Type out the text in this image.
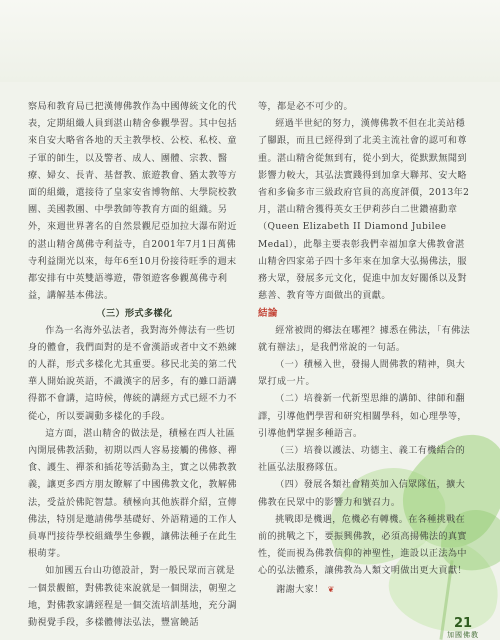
察局和教育局已把漢傳佛教作為中國傳統文化的代表，定期組織人員到湛山精舍參觀學習。其中包括來自安大略省各地的天主教學校、公校、私校、童子軍的師生，以及警者、成人、團體、宗教、醫療、婦女、長青、基督教、旅遊教會、猶太教等方面的組織，還接待了皇家安省博物館、大學院校教團、美國教團、中學教師等教育方面的組織。另外，來週世界著名的自然景觀尼亞加拉大瀑布附近的湛山精舍萬佛寺利益寺，自2001年7月1日萬佛寺利益開光以來，每年6至10月份接待旺季的週末都安排有中英雙語導遊，帶領遊客參觀萬佛寺利益，講解基本佛法。

（三）形式多樣化

作為一名海外弘法者，我對海外傳法有一些切身的體會，我們面對的是不會漢語或者中文不熟練的人群，形式多樣化尤其重要。移民北美的第二代華人開始說英語，不識漢字的居多，有的雖口語講得都不會講，這時候，傳統的講經方式已經不力不從心，所以要調動多樣化的手段。

這方面，湛山精舍的做法是，積極在西人社區內開展佛教活動，初期以西人容易接觸的佛修、禪食、護生、禪茶和插花等活動為主，實之以佛教教義，讓更多西方朋友瞭解了中國佛教文化，教解佛法，受益於佛陀智慧。積極向其他族群介紹，宣傳佛法，特別是邀請佛學基礎好、外語精通的工作人員專門接待學校組織學生參觀，讓佛法種子在此生根萌芽。

如加國五台山功德設計，對一般民眾而言就是一個景觀館，對佛教徒來說就是一個開法，朝聖之地，對佛教家講經程是一個交流培訓基地，充分調動視覺手段，多樣體傳法弘法，豐富饒話

等，都是必不可少的。

經過半世紀的努力，漢傳佛教不但在北美站穩了腳跟，而且已經得到了北美主流社會的認可和尊重。湛山精舍從無到有，從小到大，從默默無聞到影響力較大，其弘法實踐得到加拿大聯邦、安大略省和多倫多市三級政府官員的高度評價，2013年2月，湛山精舍獲得英女王伊莉莎白二世鑽禧勳章（Queen Elizabeth II Diamond Jubilee Medal），此舉主要表彰我們幸福加拿大佛教會湛山精舍四家弟子四十多年來在加拿大弘揚佛法，服務大眾，發展多元文化，促進中加友好關係以及對慈善、教育等方面做出的貢獻。

結論

經常被問的鄉法在哪裡？據悉在佛法，「有佛法就有辦法」，是我們常說的一句話。

（一）積極入世，發揚人間佛教的精神，與大眾打成一片。

（二）培養新一代新型思維的講師、律師和翻譯，引導他們學習和研究相關學科，如心理學等，引導他們掌握多種語言。

（三）培養以護法、功德主、義工有機結合的社區弘法服務隊伍。

（四）發展各類社會精英加入信眾隊伍，擴大佛教在民眾中的影響力和號召力。

挑戰即是機遇，危機必有轉機。在各種挑戰在前的挑戰之下，要振興佛教，必須高揚佛法的真實性，從而視為佛教信仰的神聖性，進設以正法為中心的弘法體系，讓佛教為人類文明做出更大貢獻！

謝謝大家！ ❦

21
加國佛教
